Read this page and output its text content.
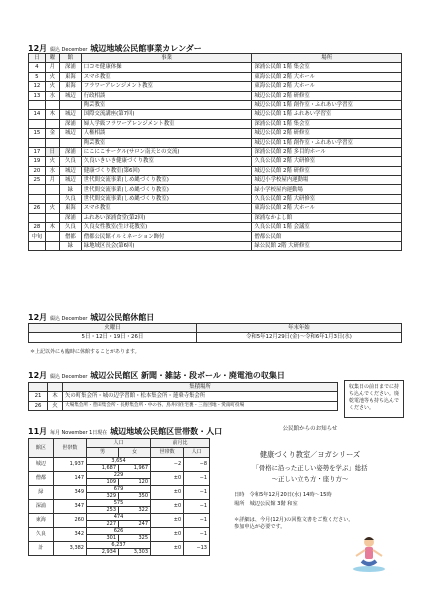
12月 綴込 December 城辺地域公民館事業カレンダー
日	曜	館	事業	場所
4	月	深浦	口コモ健康体操	深浦公民館 1階 集会室
5	火	東海	スマホ教室	東海公民館 2階 大ホール
12	火	東海	フラワーアレンジメント教室	東海公民館 2階 大ホール
13	水	城辺	行政相談	城辺公民館 2階 研修室
			陶芸教室	城辺公民館 1階 創作室・ふれあい学習室
14	木	城辺	国際交流講座(第7回)	城辺公民館 1階 ふれあい学習室
		深浦	婦人学級フラワーアレンジメント教室	深浦公民館 1階 集会室
15	金	城辺	人権相談	城辺公民館 2階 研修室
			陶芸教室	城辺公民館 1階 創作室・ふれあい学習室
17	日	深浦	にこにこサークル(サロン南天との交流)	深浦公民館 2階 多目的ホール
19	火	久良	久良いきいき健康づくり教室	久良公民館 2階 大研修室
20	水	城辺	健康づくり教室(第6回)	城辺公民館 2階 研修室
25	月	城辺	世代間交流事業(しめ縄づくり教室)	城辺小学校屋内運動場
		緑	世代間交流事業(しめ縄づくり教室)	緑小学校屋内運動場
		久良	世代間交流事業(しめ縄づくり教室)	久良公民館 2階 大研修室
26	火	東海	スマホ教室	東海公民館 2階 大ホール
		深浦	ふれあい深浦食堂(第2回)	深浦なかよし館
28	木	久良	久良女性教室(生け花教室)	久良公民館 1階 会議室
中旬		僧都	僧都公民館イルミネーション飾付	僧都公民館
		緑	緑地域区長会(第6回)	緑公民館 2階 大研修室
12月 綴込 December 城辺公民館休館日
火曜日	年末年始
5日・12日・19日・26日	令和5年12月29日(金)～令和6年1月3日(水)
＊上記以外にも臨時に休館することがあります。
12月 綴込 December 城辺公民館区 新聞・雑誌・段ボール・廃電池の収集日
		集積場所
21	木	矢の町集会所・城の辺学習館・松本集会所・蓮乗寺集会所
26	火	大場集会所・豊田集会所・長野集会所・中の谷、鳥井同住宅裏・三島団地・愛南町役場
収集日の前日までに持ち込んでください。廃乾電池等も持ち込んでください。
11月 毎月 November 1日現在 城辺地域公民館区世帯数・人口
館区	世帯数	人口		前月比	
		男	女	世帯数	人口
城辺	1,937	3,654		−2	−8
		1,687	1,967		
僧都	147	229		±0	−1
		109	120		
緑	349	679		±0	−1
		329	350		
深浦	347	575		±0	−1
		253	322		
東海	260	474		±0	−1
		227	247		
久良	342	626		±0	−1
		301	325		
計	3,382	6,237		±0	−13
		2,934	3,303		
公民館からのお知らせ
健康づくり教室／ヨガシリーズ
「骨格に沿った正しい姿勢を学ぶ」総括
～正しい立ち方・座り方～
日時　令和5年12月20日(水) 14時～15時
場所　城辺公民館 3階 和室
＊詳細は、今月(12月)の回覧文書をご覧ください。参加申込が必要です。
